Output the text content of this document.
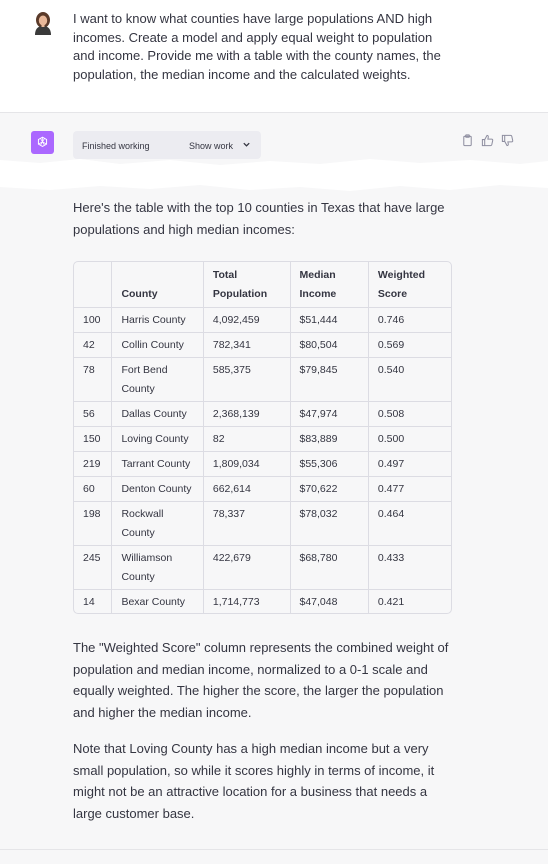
I want to know what counties have large populations AND high incomes. Create a model and apply equal weight to population and income. Provide me with a table with the county names, the population, the median income and the calculated weights.
Finished working	Show work
Here's the table with the top 10 counties in Texas that have large populations and high median incomes:
	County	Total Population	Median Income	Weighted Score
100	Harris County	4,092,459	$51,444	0.746
42	Collin County	782,341	$80,504	0.569
78	Fort Bend County	585,375	$79,845	0.540
56	Dallas County	2,368,139	$47,974	0.508
150	Loving County	82	$83,889	0.500
219	Tarrant County	1,809,034	$55,306	0.497
60	Denton County	662,614	$70,622	0.477
198	Rockwall County	78,337	$78,032	0.464
245	Williamson County	422,679	$68,780	0.433
14	Bexar County	1,714,773	$47,048	0.421
The "Weighted Score" column represents the combined weight of population and median income, normalized to a 0-1 scale and equally weighted. The higher the score, the larger the population and higher the median income.
Note that Loving County has a high median income but a very small population, so while it scores highly in terms of income, it might not be an attractive location for a business that needs a large customer base.
